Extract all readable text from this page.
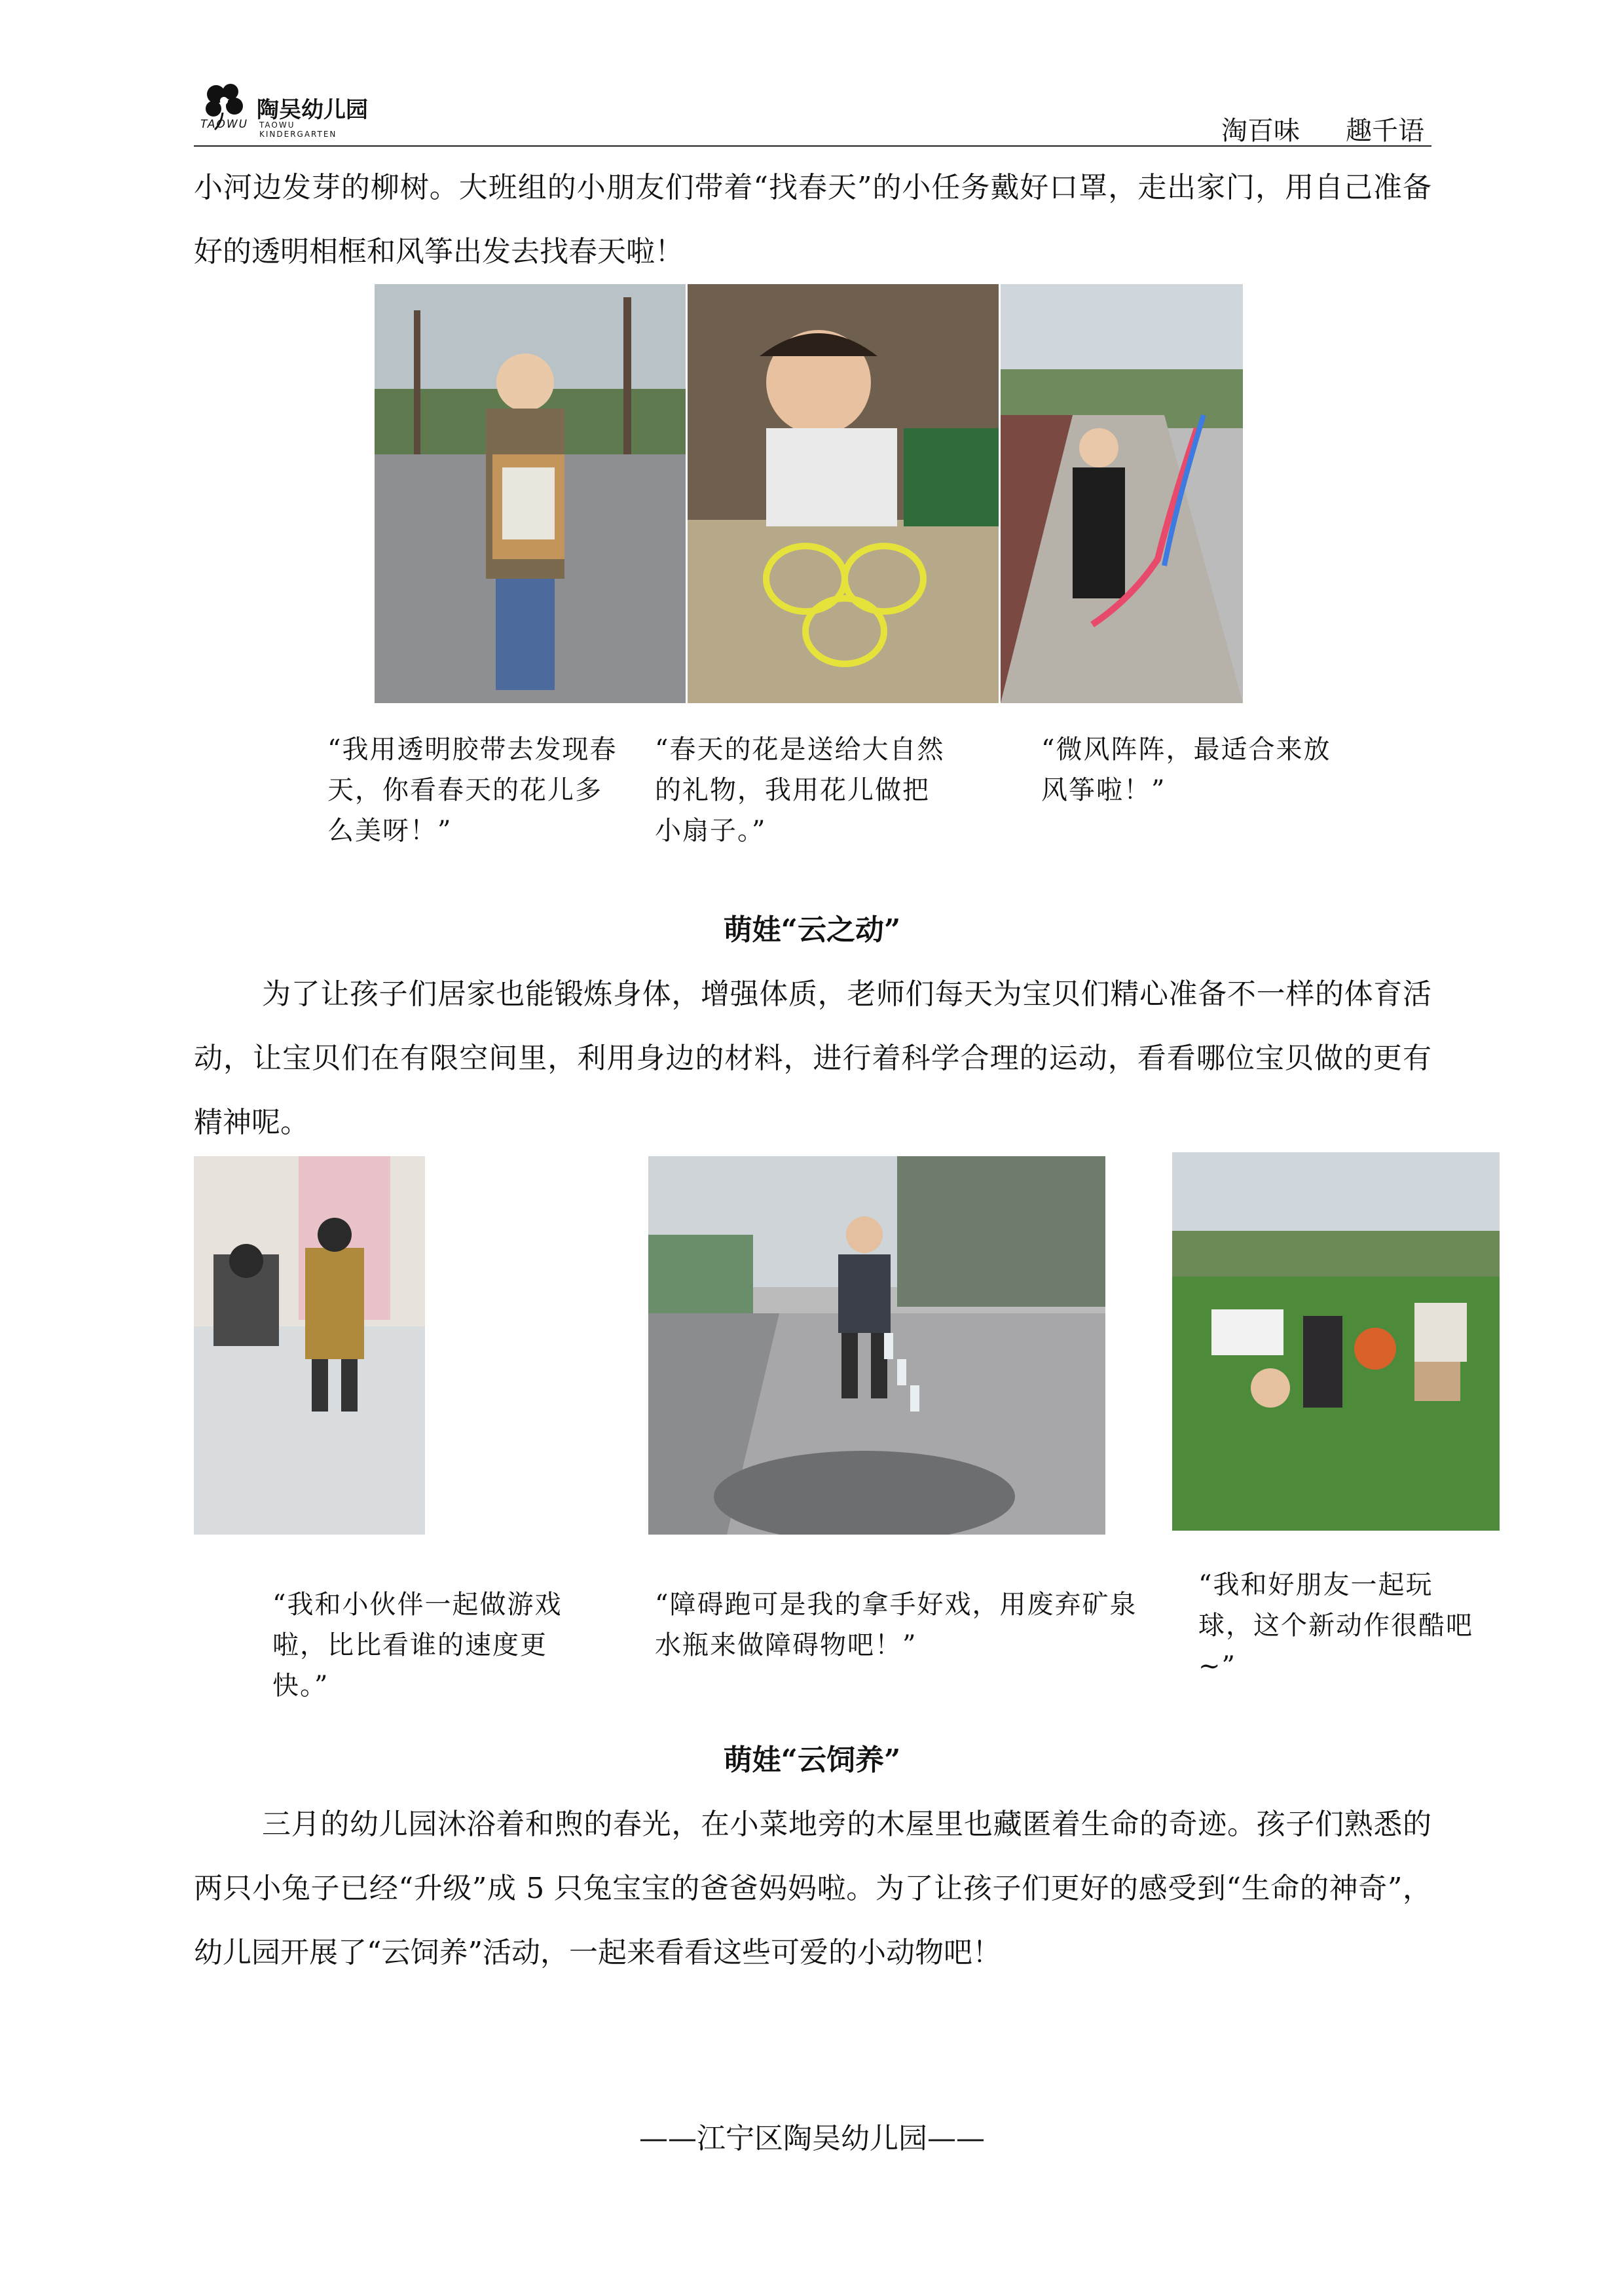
陶吴幼儿园
TAOWU TAOWU KINDERGARTEN	淘百味 趣千语
小河边发芽的柳树。大班组的小朋友们带着“找春天”的小任务戴好口罩，走出家门，用自己准备好的透明相框和风筝出发去找春天啦！
“我用透明胶带去发现春天，你看春天的花儿多么美呀！”
“春天的花是送给大自然的礼物，我用花儿做把小扇子。”
“微风阵阵，最适合来放风筝啦！”
萌娃“云之动”
为了让孩子们居家也能锻炼身体，增强体质，老师们每天为宝贝们精心准备不一样的体育活动，让宝贝们在有限空间里，利用身边的材料，进行着科学合理的运动，看看哪位宝贝做的更有精神呢。
“我和小伙伴一起做游戏啦，比比看谁的速度更快。”
“障碍跑可是我的拿手好戏，用废弃矿泉水瓶来做障碍物吧！”
“我和好朋友一起玩球，这个新动作很酷吧~”
萌娃“云饲养”
三月的幼儿园沐浴着和煦的春光，在小菜地旁的木屋里也藏匿着生命的奇迹。孩子们熟悉的两只小兔子已经“升级”成 5 只兔宝宝的爸爸妈妈啦。为了让孩子们更好的感受到“生命的神奇”，幼儿园开展了“云饲养”活动，一起来看看这些可爱的小动物吧！
——江宁区陶吴幼儿园——
